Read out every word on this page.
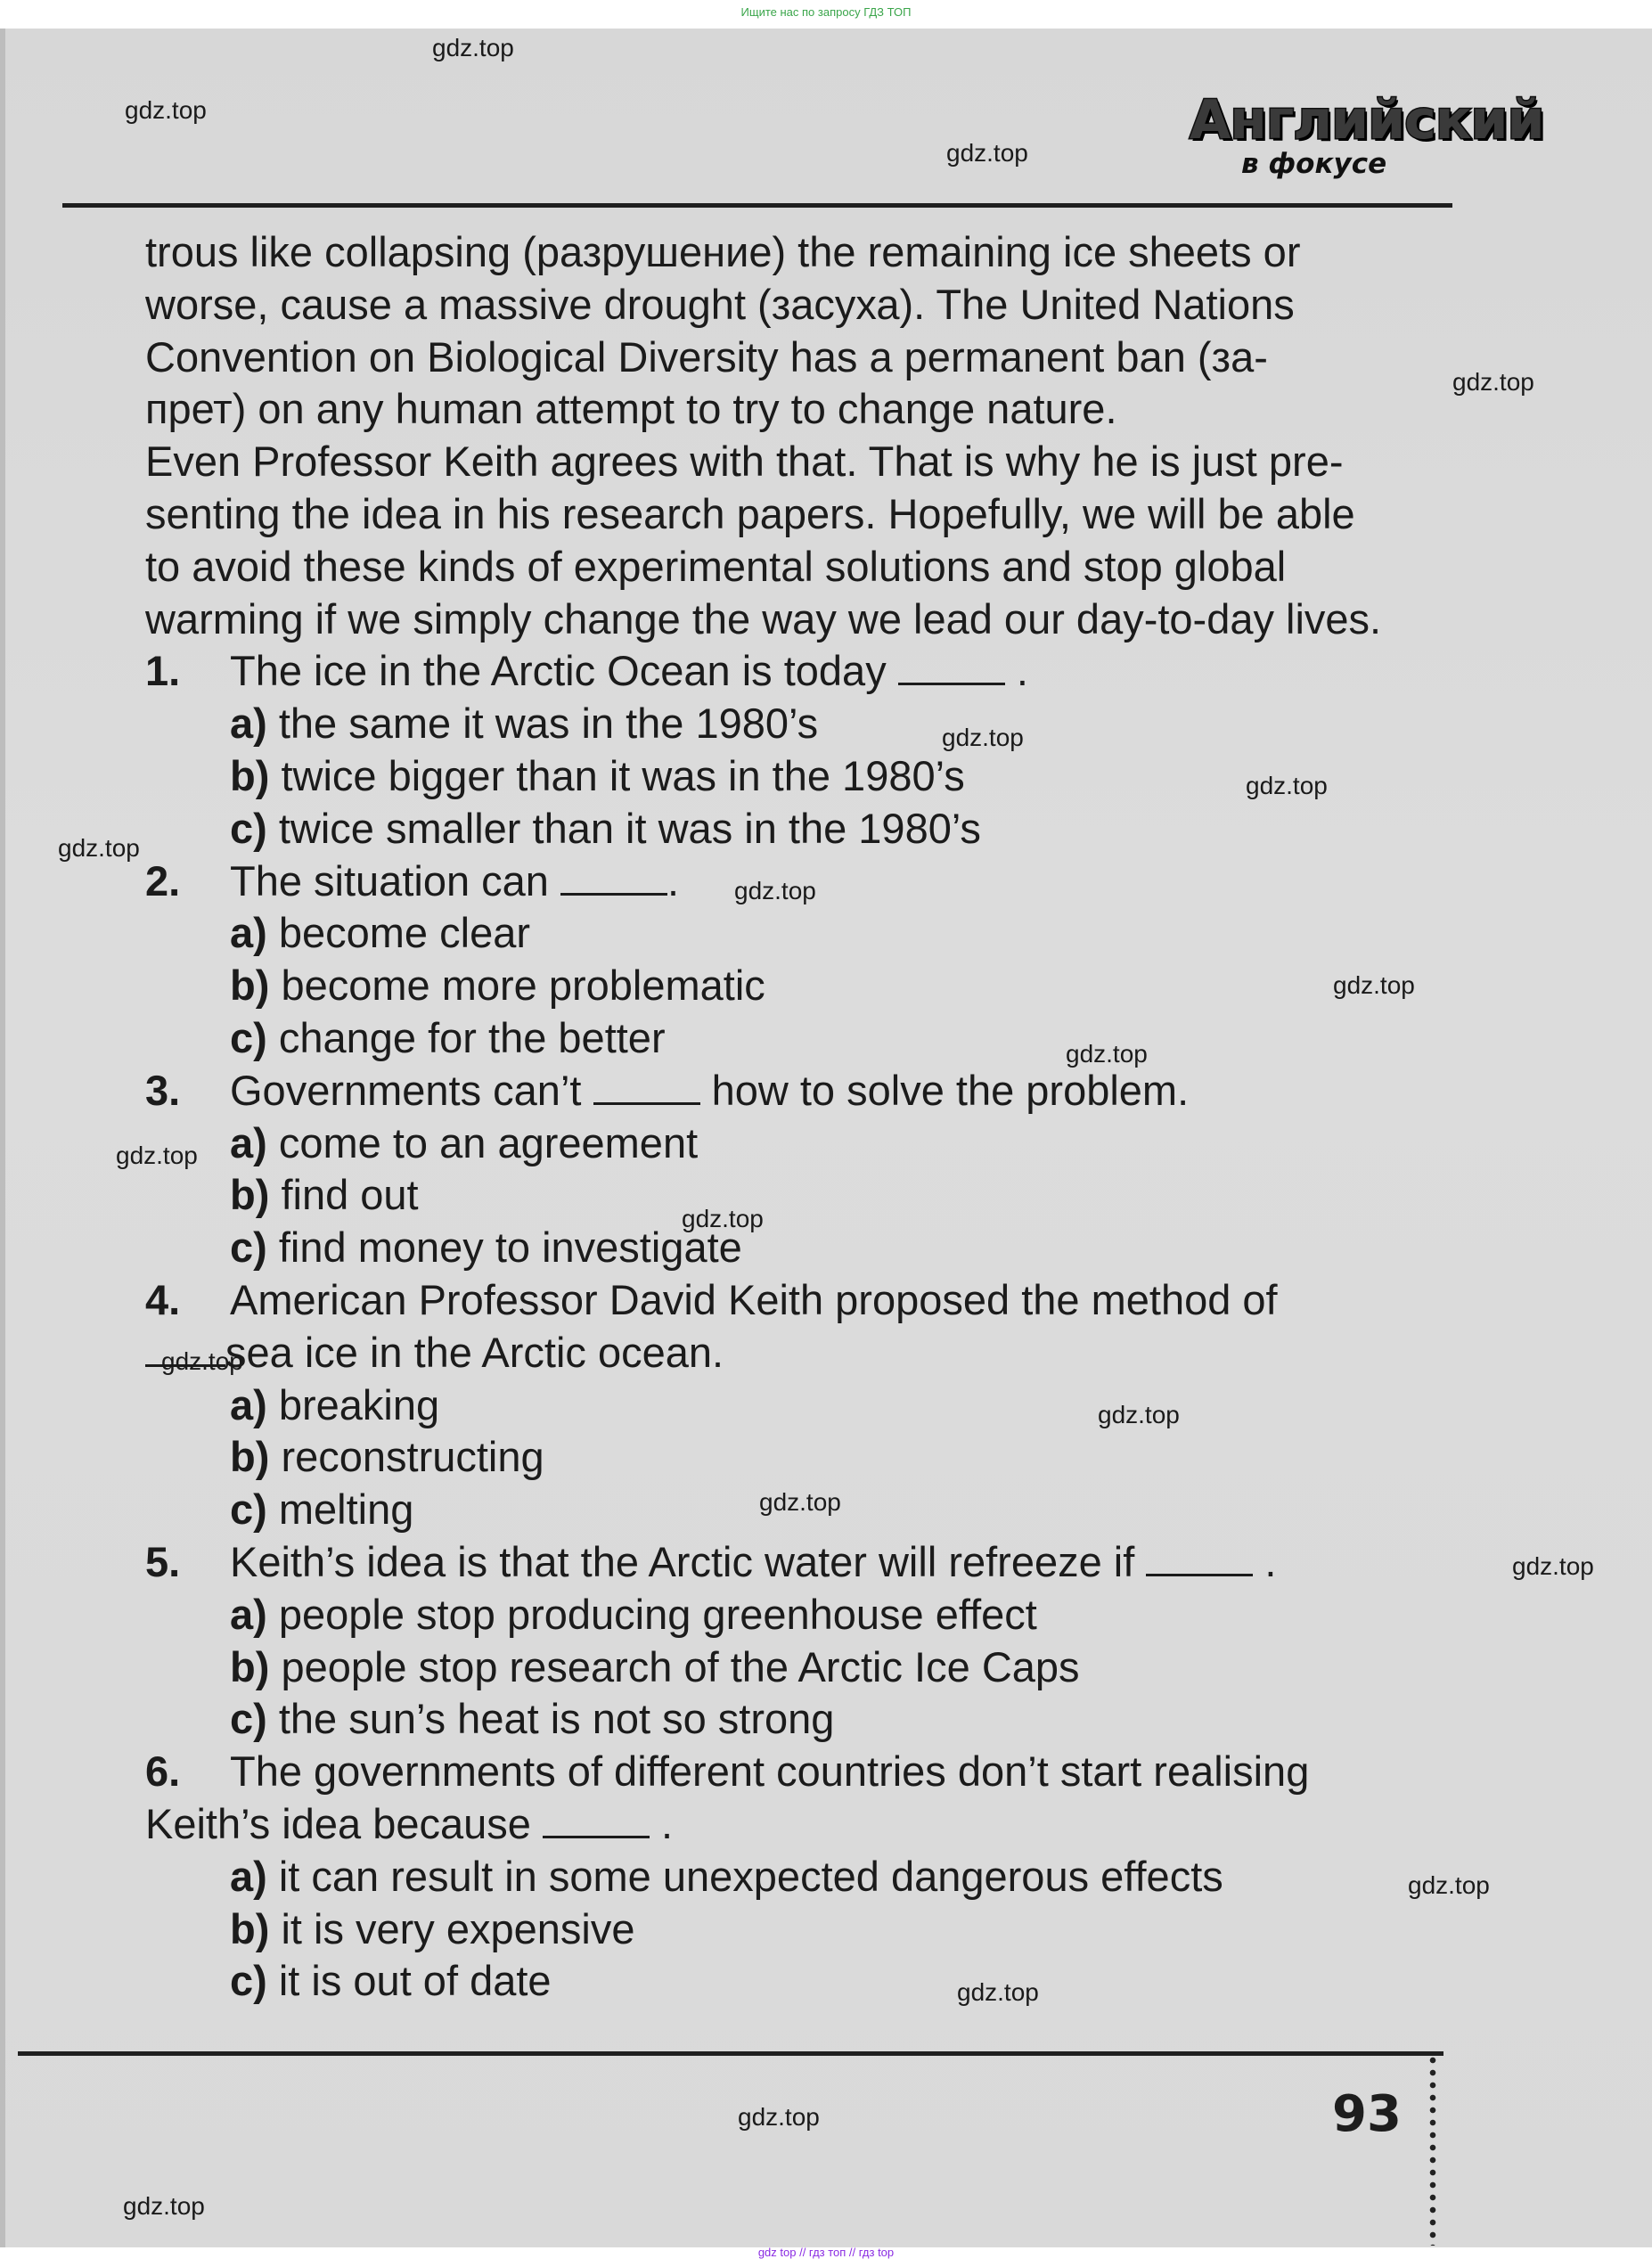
Ищите нас по запросу ГДЗ ТОП
Английский
в фокусе

trous like collapsing (разрушение) the remaining ice sheets or

worse, cause a massive drought (засуха). The United Nations

Convention on Biological Diversity has a permanent ban (за-

прет) on any human attempt to try to change nature.

Even Professor Keith agrees with that. That is why he is just pre-

senting the idea in his research papers. Hopefully, we will be able

to avoid these kinds of experimental solutions and stop global

warming if we simply change the way we lead our day-to-day lives.

1.	The ice in the Arctic Ocean is today	.

a) the same it was in the 1980’s

b) twice bigger than it was in the 1980’s

c) twice smaller than it was in the 1980’s

2.	The situation can	.

a) become clear

b) become more problematic

c) change for the better

3.	Governments can’t	how to solve the problem.

a) come to an agreement

b) find out

c) find money to investigate

4.	American Professor David Keith proposed the method of

sea ice in the Arctic ocean.

a) breaking

b) reconstructing

c) melting

5.	Keith’s idea is that the Arctic water will refreeze if	.

a) people stop producing greenhouse effect

b) people stop research of the Arctic Ice Caps

c) the sun’s heat is not so strong

6.	The governments of different countries don’t start realising

Keith’s idea because	.

a) it can result in some unexpected dangerous effects

b) it is very expensive

c) it is out of date

93
gdz.top
gdz.top
gdz.top
gdz.top
gdz.top
gdz.top
gdz.top
gdz.top
gdz.top
gdz.top
gdz.top
gdz.top
gdz.top
gdz.top
gdz.top
gdz.top
gdz.top
gdz.top
gdz.top
gdz.top
gdz top // гдз топ // гдз top
